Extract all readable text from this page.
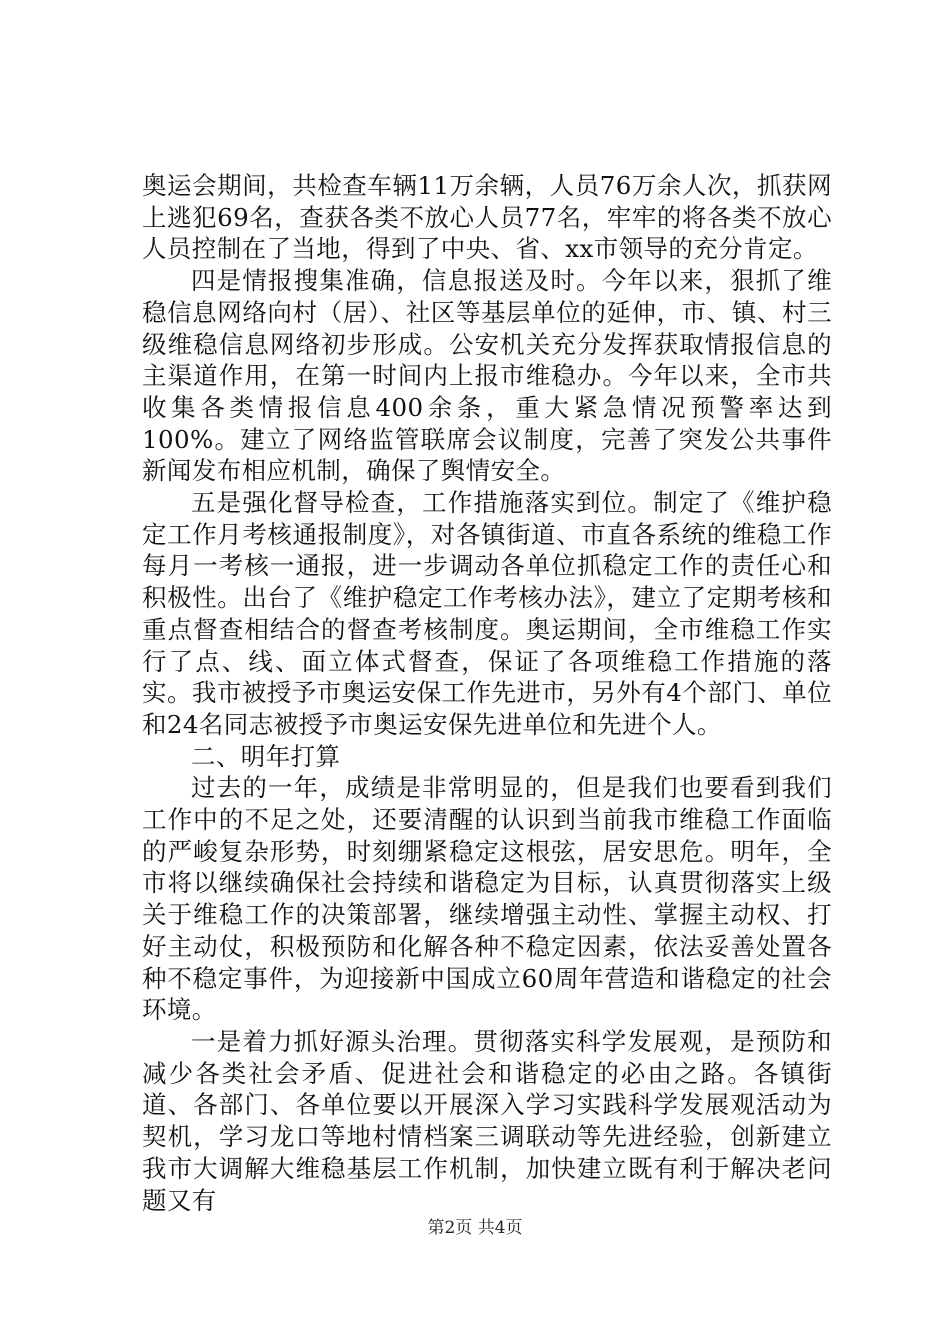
奥运会期间，共检查车辆11万余辆，人员76万余人次，抓获网上逃犯69名，查获各类不放心人员77名，牢牢的将各类不放心人员控制在了当地，得到了中央、省、xx市领导的充分肯定。

四是情报搜集准确，信息报送及时。今年以来，狠抓了维稳信息网络向村（居）、社区等基层单位的延伸，市、镇、村三级维稳信息网络初步形成。公安机关充分发挥获取情报信息的主渠道作用，在第一时间内上报市维稳办。今年以来，全市共收集各类情报信息400余条，重大紧急情况预警率达到100%。建立了网络监管联席会议制度，完善了突发公共事件新闻发布相应机制，确保了舆情安全。

五是强化督导检查，工作措施落实到位。制定了《维护稳定工作月考核通报制度》，对各镇街道、市直各系统的维稳工作每月一考核一通报，进一步调动各单位抓稳定工作的责任心和积极性。出台了《维护稳定工作考核办法》，建立了定期考核和重点督查相结合的督查考核制度。奥运期间，全市维稳工作实行了点、线、面立体式督查，保证了各项维稳工作措施的落实。我市被授予市奥运安保工作先进市，另外有4个部门、单位和24名同志被授予市奥运安保先进单位和先进个人。

二、明年打算

过去的一年，成绩是非常明显的，但是我们也要看到我们工作中的不足之处，还要清醒的认识到当前我市维稳工作面临的严峻复杂形势，时刻绷紧稳定这根弦，居安思危。明年，全市将以继续确保社会持续和谐稳定为目标，认真贯彻落实上级关于维稳工作的决策部署，继续增强主动性、掌握主动权、打好主动仗，积极预防和化解各种不稳定因素，依法妥善处置各种不稳定事件，为迎接新中国成立60周年营造和谐稳定的社会环境。

一是着力抓好源头治理。贯彻落实科学发展观，是预防和减少各类社会矛盾、促进社会和谐稳定的必由之路。各镇街道、各部门、各单位要以开展深入学习实践科学发展观活动为契机，学习龙口等地村情档案三调联动等先进经验，创新建立我市大调解大维稳基层工作机制，加快建立既有利于解决老问题又有

第2页 共4页
